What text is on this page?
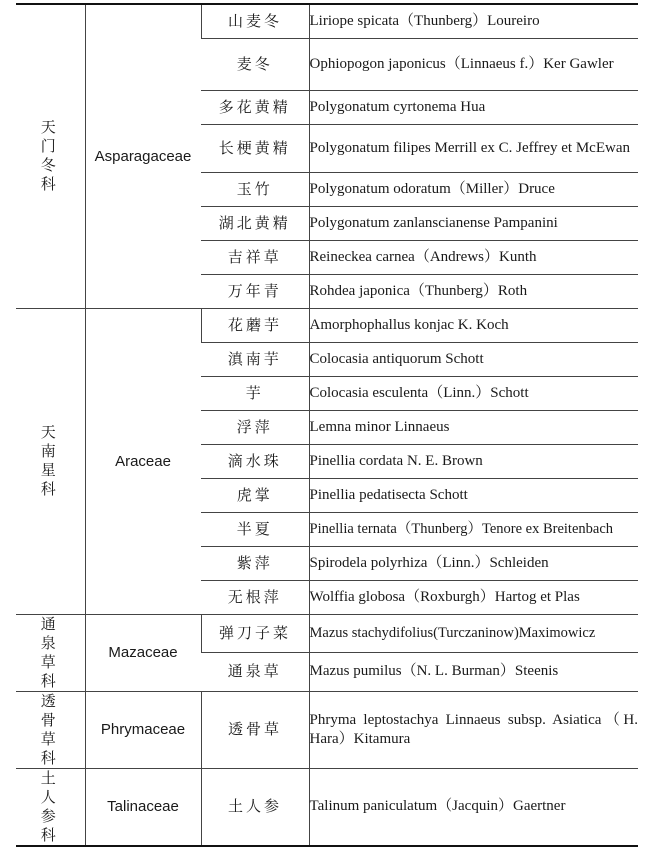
天门冬科	Asparagaceae	山麦冬	Liriope spicata（Thunberg）Loureiro
		麦冬	Ophiopogon japonicus（Linnaeus f.）Ker Gawler
		多花黄精	Polygonatum cyrtonema Hua
		长梗黄精	Polygonatum filipes Merrill ex C. Jeffrey et McEwan
		玉竹	Polygonatum odoratum（Miller）Druce
		湖北黄精	Polygonatum zanlanscianense Pampanini
		吉祥草	Reineckea carnea（Andrews）Kunth
		万年青	Rohdea japonica（Thunberg）Roth

天南星科	Araceae	花蘑芋	Amorphophallus konjac K. Koch
		滇南芋	Colocasia antiquorum Schott
		芋	Colocasia esculenta（Linn.）Schott
		浮萍	Lemna minor Linnaeus
		滴水珠	Pinellia cordata N. E. Brown
		虎掌	Pinellia pedatisecta Schott
		半夏	Pinellia ternata（Thunberg）Tenore ex Breitenbach
		紫萍	Spirodela polyrhiza（Linn.）Schleiden
		无根萍	Wolffia globosa（Roxburgh）Hartog et Plas

通泉草科	Mazaceae	弹刀子菜	Mazus stachydifolius(Turczaninow)Maximowicz
		通泉草	Mazus pumilus（N. L. Burman）Steenis

透骨草科	Phrymaceae	透骨草	Phryma leptostachya Linnaeus subsp. Asiatica（H. Hara）Kitamura

土人参科	Talinaceae	土人参	Talinum paniculatum（Jacquin）Gaertner
